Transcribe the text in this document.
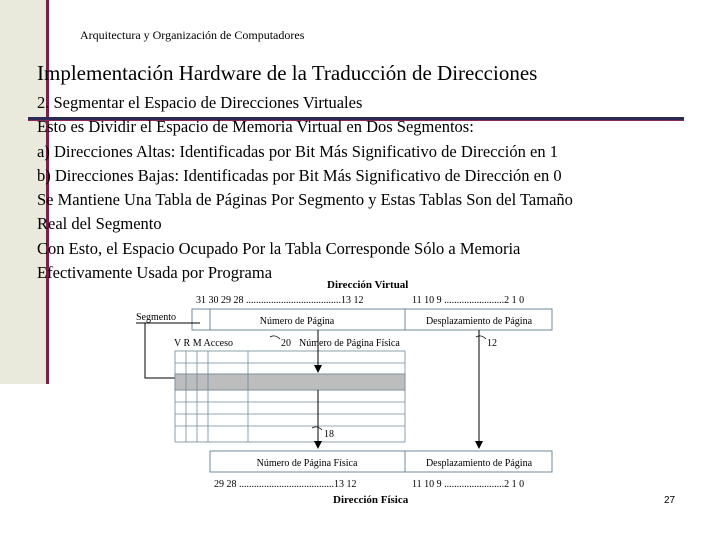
Arquitectura y Organización de Computadores
Implementación Hardware de la Traducción de Direcciones
2. Segmentar el Espacio de Direcciones Virtuales
Esto es Dividir el Espacio de Memoria Virtual en Dos Segmentos:
a) Direcciones Altas: Identificadas por Bit Más Significativo de Dirección en 1
b) Direcciones Bajas: Identificadas por Bit Más Significativo de Dirección en 0
Se Mantiene Una Tabla de Páginas Por Segmento y Estas Tablas Son del Tamaño
Real del Segmento
Con Esto, el Espacio Ocupado Por la Tabla Corresponde Sólo a Memoria
Efectivamente Usada por Programa
Dirección Virtual
31 30 29 28 ......................................13 12	11 10 9 ........................2 1 0
Número de Página	Desplazamiento de Página
Segmento
V R M Acceso	20 Número de Página Física	12
18
Número de Página Física	Desplazamiento de Página
29 28 ......................................13 12	11 10 9 ........................2 1 0
Dirección Física	27
